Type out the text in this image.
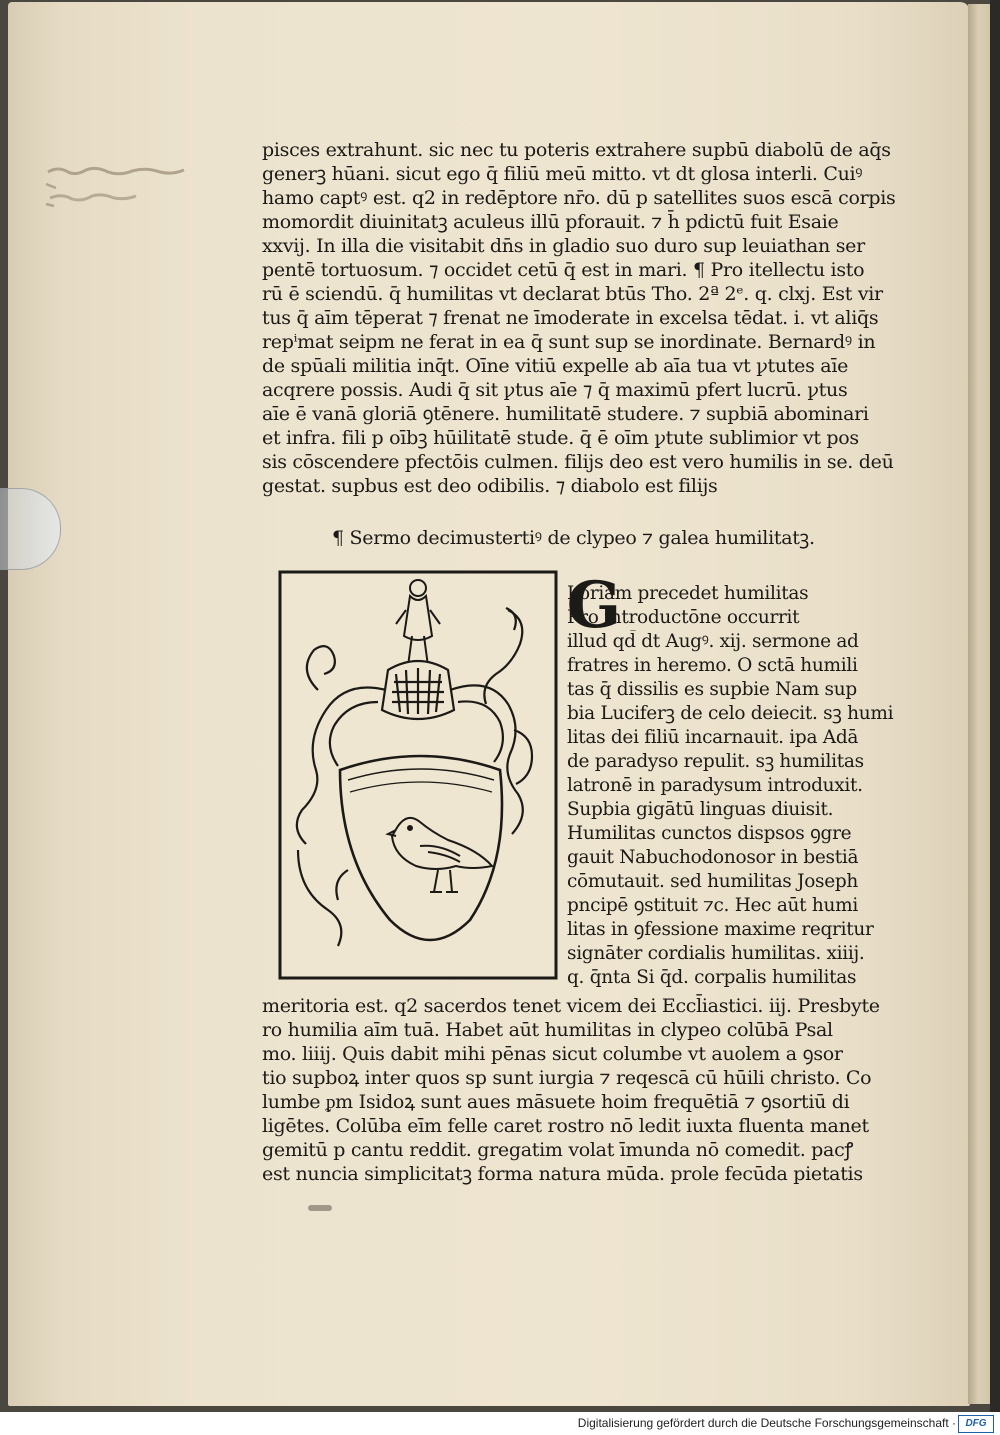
pisces extrahunt. sic nec tu poteris extrahere supbū diabolū de aq̄s
generꝫ hūani. sicut ego q̄ filiū meū mitto. vt dt glosa interli. Cuiꝰ
hamo captꝰ est. q2 in redēptore nr̄o. dū p satellites suos escā corpis
momordit diuinitatꝫ aculeus illū pforauit. ⁊ h̄ pdictū fuit Esaie
xxvij. In illa die visitabit dn̄s in gladio suo duro sup leuiathan ser
pentē tortuosum. ⁊ occidet cetū q̄ est in mari. ¶ Pro itellectu isto
rū ē sciendū. q̄ humilitas vt declarat btūs Tho. 2ª 2ᵉ. q. clxj. Est vir
tus q̄ aīm tēperat ⁊ frenat ne īmoderate in excelsa tēdat. i. vt aliq̄s
repⁱmat seipm ne ferat in ea q̄ sunt sup se inordinate. Bernardꝰ in
de spūali militia inq̄t. Oīne vitiū expelle ab aīa tua vt ꝩtutes aīe
acqrere possis. Audi q̄ sit ꝩtus aīe ⁊ q̄ maximū pfert lucrū. ꝩtus
aīe ē vanā gloriā ꝯtēnere. humilitatē studere. ⁊ supbiā abominari
et infra. fili p oībꝫ hūilitatē stude. q̄ ē oīm ꝩtute sublimior vt pos
sis cōscendere pfectōis culmen. filijs deo est vero humilis in se. deū
gestat. supbus est deo odibilis. ⁊ diabolo est filijs
¶ Sermo decimustertiꝰ de clypeo ⁊ galea humilitatꝫ.
Loriam precedet humilitas
Pro introductōne occurrit
illud qd̄ dt Augꝰ. xij. sermone ad
fratres in heremo. O sctā humili
tas q̄ dissilis es supbie Nam sup
bia Luciferꝫ de celo deiecit. sꝫ humi
litas dei filiū incarnauit. ipa Adā
de paradyso repulit. sꝫ humilitas
latronē in paradysum introduxit.
Supbia gigātū linguas diuisit.
Humilitas cunctos dispsos ꝯgre
gauit Nabuchodonosor in bestiā
cōmutauit. sed humilitas Joseph
pncipē ꝯstituit ⁊c. Hec aūt humi
litas in ꝯfessione maxime reqritur
signāter cordialis humilitas. xiiij.
q. q̄nta Si q̄d. corpalis humilitas
meritoria est. q2 sacerdos tenet vicem dei Eccl̄iastici. iij. Presbyte
ro humilia aīm tuā. Habet aūt humilitas in clypeo colūbā Psal
mo. liiij. Quis dabit mihi pēnas sicut columbe vt auolem a ꝯsor
tio supboꝝ inter quos sp sunt iurgia ⁊ reqescā cū hūili christo. Co
lumbe ᵱm Isidoꝝ sunt aues māsuete hoim frequētiā ⁊ ꝯsortiū di
ligētes. Colūba eīm felle caret rostro nō ledit iuxta fluenta manet
gemitū p cantu reddit. gregatim volat īmunda nō comedit. pacꝭ
est nuncia simplicitatꝫ forma natura mūda. prole fecūda pietatis
G
Digitalisierung gefördert durch die Deutsche Forschungsgemeinschaft · DFG
